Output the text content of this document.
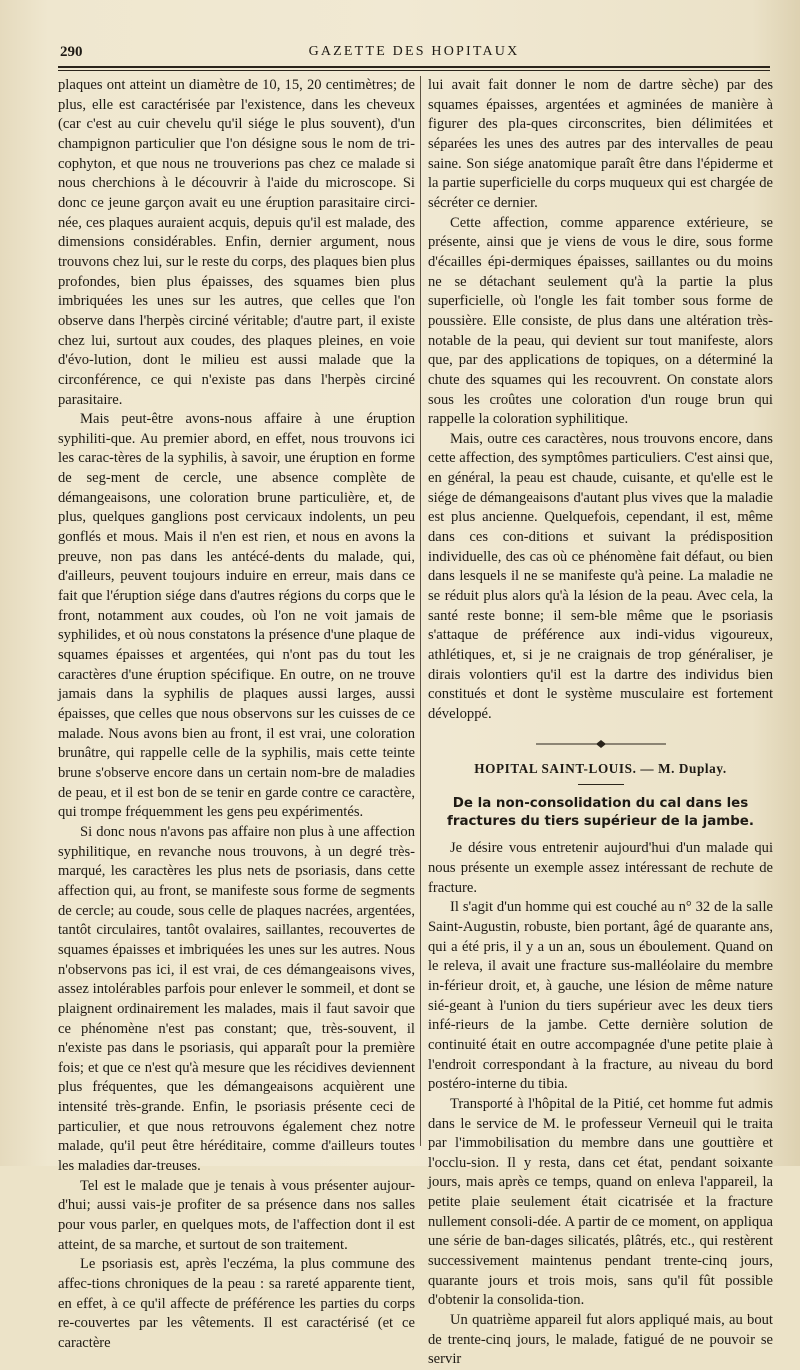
290	GAZETTE DES HOPITAUX

plaques ont atteint un diamètre de 10, 15, 20 centimètres; de plus, elle est caractérisée par l'existence, dans les cheveux (car c'est au cuir chevelu qu'il siége le plus souvent), d'un champignon particulier que l'on désigne sous le nom de tri-cophyton, et que nous ne trouverions pas chez ce malade si nous cherchions à le découvrir à l'aide du microscope. Si donc ce jeune garçon avait eu une éruption parasitaire circi-née, ces plaques auraient acquis, depuis qu'il est malade, des dimensions considérables. Enfin, dernier argument, nous trouvons chez lui, sur le reste du corps, des plaques bien plus profondes, bien plus épaisses, des squames bien plus imbriquées les unes sur les autres, que celles que l'on observe dans l'herpès circiné véritable; d'autre part, il existe chez lui, surtout aux coudes, des plaques pleines, en voie d'évo-lution, dont le milieu est aussi malade que la circonférence, ce qui n'existe pas dans l'herpès circiné parasitaire.

Mais peut-être avons-nous affaire à une éruption syphiliti-que. Au premier abord, en effet, nous trouvons ici les carac-tères de la syphilis, à savoir, une éruption en forme de seg-ment de cercle, une absence complète de démangeaisons, une coloration brune particulière, et, de plus, quelques ganglions post cervicaux indolents, un peu gonflés et mous. Mais il n'en est rien, et nous en avons la preuve, non pas dans les antécé-dents du malade, qui, d'ailleurs, peuvent toujours induire en erreur, mais dans ce fait que l'éruption siége dans d'autres régions du corps que le front, notamment aux coudes, où l'on ne voit jamais de syphilides, et où nous constatons la présence d'une plaque de squames épaisses et argentées, qui n'ont pas du tout les caractères d'une éruption spécifique. En outre, on ne trouve jamais dans la syphilis de plaques aussi larges, aussi épaisses, que celles que nous observons sur les cuisses de ce malade. Nous avons bien au front, il est vrai, une coloration brunâtre, qui rappelle celle de la syphilis, mais cette teinte brune s'observe encore dans un certain nom-bre de maladies de peau, et il est bon de se tenir en garde contre ce caractère, qui trompe fréquemment les gens peu expérimentés.

Si donc nous n'avons pas affaire non plus à une affection syphilitique, en revanche nous trouvons, à un degré très-marqué, les caractères les plus nets de psoriasis, dans cette affection qui, au front, se manifeste sous forme de segments de cercle; au coude, sous celle de plaques nacrées, argentées, tantôt circulaires, tantôt ovalaires, saillantes, recouvertes de squames épaisses et imbriquées les unes sur les autres. Nous n'observons pas ici, il est vrai, de ces démangeaisons vives, assez intolérables parfois pour enlever le sommeil, et dont se plaignent ordinairement les malades, mais il faut savoir que ce phénomène n'est pas constant; que, très-souvent, il n'existe pas dans le psoriasis, qui apparaît pour la première fois; et que ce n'est qu'à mesure que les récidives deviennent plus fréquentes, que les démangeaisons acquièrent une intensité très-grande. Enfin, le psoriasis présente ceci de particulier, et que nous retrouvons également chez notre malade, qu'il peut être héréditaire, comme d'ailleurs toutes les maladies dar-treuses.

Tel est le malade que je tenais à vous présenter aujour-d'hui; aussi vais-je profiter de sa présence dans nos salles pour vous parler, en quelques mots, de l'affection dont il est atteint, de sa marche, et surtout de son traitement.

Le psoriasis est, après l'eczéma, la plus commune des affec-tions chroniques de la peau : sa rareté apparente tient, en effet, à ce qu'il affecte de préférence les parties du corps re-couvertes par les vêtements. Il est caractérisé (et ce caractère

lui avait fait donner le nom de dartre sèche) par des squames épaisses, argentées et agminées de manière à figurer des pla-ques circonscrites, bien délimitées et séparées les unes des autres par des intervalles de peau saine. Son siége anatomique paraît être dans l'épiderme et la partie superficielle du corps muqueux qui est chargée de sécréter ce dernier.

Cette affection, comme apparence extérieure, se présente, ainsi que je viens de vous le dire, sous forme d'écailles épi-dermiques épaisses, saillantes ou du moins ne se détachant seulement qu'à la partie la plus superficielle, où l'ongle les fait tomber sous forme de poussière. Elle consiste, de plus dans une altération très-notable de la peau, qui devient sur tout manifeste, alors que, par des applications de topiques, on a déterminé la chute des squames qui les recouvrent. On constate alors sous les croûtes une coloration d'un rouge brun qui rappelle la coloration syphilitique.

Mais, outre ces caractères, nous trouvons encore, dans cette affection, des symptômes particuliers. C'est ainsi que, en général, la peau est chaude, cuisante, et qu'elle est le siége de démangeaisons d'autant plus vives que la maladie est plus ancienne. Quelquefois, cependant, il est, même dans ces con-ditions et suivant la prédisposition individuelle, des cas où ce phénomène fait défaut, ou bien dans lesquels il ne se manifeste qu'à peine. La maladie ne se réduit plus alors qu'à la lésion de la peau. Avec cela, la santé reste bonne; il sem-ble même que le psoriasis s'attaque de préférence aux indi-vidus vigoureux, athlétiques, et, si je ne craignais de trop généraliser, je dirais volontiers qu'il est la dartre des individus bien constitués et dont le système musculaire est fortement développé.

HOPITAL SAINT-LOUIS. — M. Duplay.
De la non-consolidation du cal dans les fractures du tiers supérieur de la jambe.

Je désire vous entretenir aujourd'hui d'un malade qui nous présente un exemple assez intéressant de rechute de fracture.

Il s'agit d'un homme qui est couché au n° 32 de la salle Saint-Augustin, robuste, bien portant, âgé de quarante ans, qui a été pris, il y a un an, sous un éboulement. Quand on le releva, il avait une fracture sus-malléolaire du membre in-férieur droit, et, à gauche, une lésion de même nature sié-geant à l'union du tiers supérieur avec les deux tiers infé-rieurs de la jambe. Cette dernière solution de continuité était en outre accompagnée d'une petite plaie à l'endroit correspondant à la fracture, au niveau du bord postéro-interne du tibia.

Transporté à l'hôpital de la Pitié, cet homme fut admis dans le service de M. le professeur Verneuil qui le traita par l'immobilisation du membre dans une gouttière et l'occlu-sion. Il y resta, dans cet état, pendant soixante jours, mais après ce temps, quand on enleva l'appareil, la petite plaie seulement était cicatrisée et la fracture nullement consoli-dée. A partir de ce moment, on appliqua une série de ban-dages silicatés, plâtrés, etc., qui restèrent successivement maintenus pendant trente-cinq jours, quarante jours et trois mois, sans qu'il fût possible d'obtenir la consolida-tion.

Un quatrième appareil fut alors appliqué mais, au bout de trente-cinq jours, le malade, fatigué de ne pouvoir se servir
